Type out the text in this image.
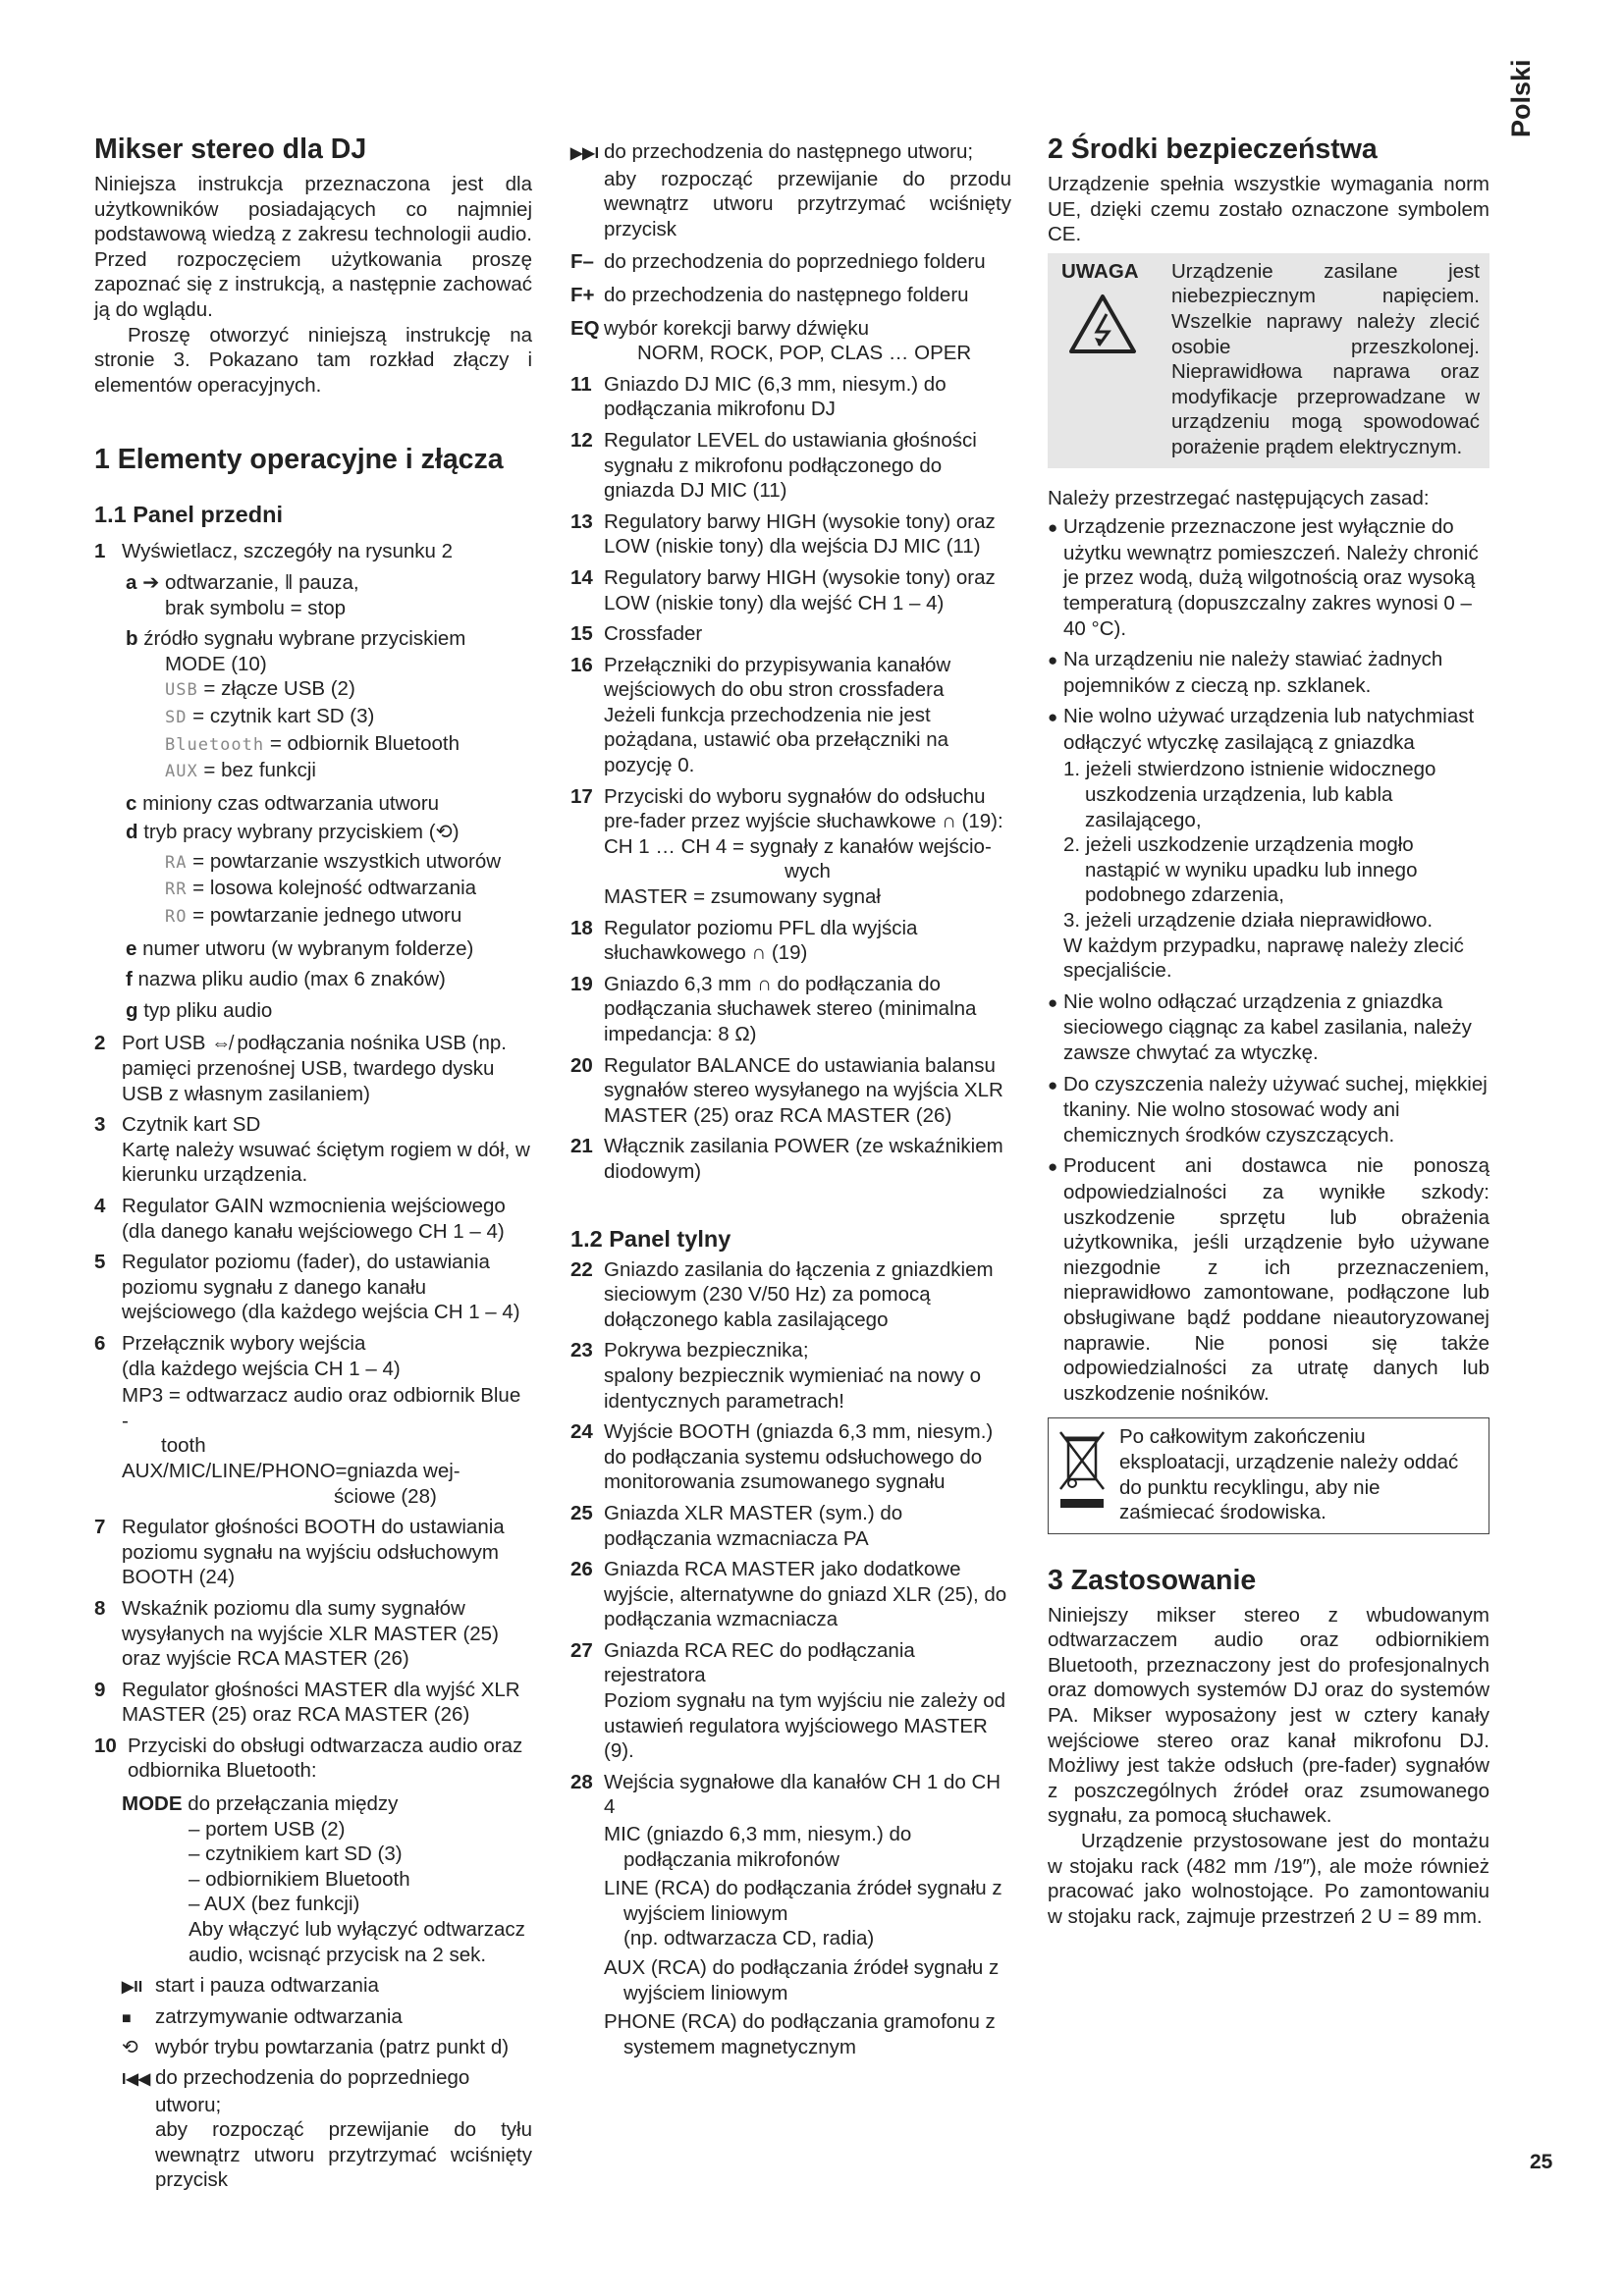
Polski
Mikser stereo dla DJ

Niniejsza instrukcja przeznaczona jest dla użytkowników posiadających co najmniej podstawową wiedzą z zakresu technologii audio. Przed rozpoczęciem użytkowania proszę zapoznać się z instrukcją, a następnie zachować ją do wglądu.

Proszę otworzyć niniejszą instrukcję na stronie 3. Pokazano tam rozkład złączy i elementów operacyjnych.

1 Elementy operacyjne i złącza
1.1 Panel przedni
1 Wyświetlacz, szczegóły na rysunku 2
a ➔ odtwarzanie, ‖ pauza,
brak symbolu = stop
b źródło sygnału wybrane przyciskiem
MODE (10)
USB = złącze USB (2)
SD = czytnik kart SD (3)
Bluetooth = odbiornik Bluetooth
AUX = bez funkcji
c miniony czas odtwarzania utworu
d tryb pracy wybrany przyciskiem (⟲)
RA = powtarzanie wszystkich utworów
RR = losowa kolejność odtwarzania
RO = powtarzanie jednego utworu
e numer utworu (w wybranym folderze)
f nazwa pliku audio (max 6 znaków)
g typ pliku audio
2 Port USB ⇎ podłączania nośnika USB (np. pamięci przenośnej USB, twardego dysku USB z własnym zasilaniem)
3 Czytnik kart SD
Kartę należy wsuwać ściętym rogiem w dół, w kierunku urządzenia.
4 Regulator GAIN wzmocnienia wejściowego (dla danego kanału wejściowego CH 1 – 4)
5 Regulator poziomu (fader), do ustawiania poziomu sygnału z danego kanału wejściowego (dla każdego wejścia CH 1 – 4)
6 Przełącznik wybory wejścia
(dla każdego wejścia CH 1 – 4)
MP3 = odtwarzacz audio oraz odbiornik Blue -
tooth
AUX/MIC/LINE/PHONO=gniazda wej-
ściowe (28)
7 Regulator głośności BOOTH do ustawiania poziomu sygnału na wyjściu odsłuchowym BOOTH (24)
8 Wskaźnik poziomu dla sumy sygnałów wysyłanych na wyjście XLR MASTER (25) oraz wyjście RCA MASTER (26)
9 Regulator głośności MASTER dla wyjść XLR MASTER (25) oraz RCA MASTER (26)
10 Przyciski do obsługi odtwarzacza audio oraz odbiornika Bluetooth:
MODE do przełączania między
– portem USB (2)
– czytnikiem kart SD (3)
– odbiornikiem Bluetooth
– AUX (bez funkcji)
Aby włączyć lub wyłączyć odtwarzacz audio, wcisnąć przycisk na 2 sek.
▶II start i pauza odtwarzania
■ zatrzymywanie odtwarzania
⟲ wybór trybu powtarzania (patrz punkt d)
I◀◀ do przechodzenia do poprzedniego utworu;

aby rozpocząć przewijanie do tyłu wewnątrz utworu przytrzymać wciśnięty przycisk

▶▶I do przechodzenia do następnego utworu;

aby rozpocząć przewijanie do przodu wewnątrz utworu przytrzymać wciśnięty przycisk

F– do przechodzenia do poprzedniego folderu
F+ do przechodzenia do następnego folderu
EQ wybór korekcji barwy dźwięku
NORM, ROCK, POP, CLAS … OPER
11 Gniazdo DJ MIC (6,3 mm, niesym.) do podłączania mikrofonu DJ
12 Regulator LEVEL do ustawiania głośności sygnału z mikrofonu podłączonego do gniazda DJ MIC (11)
13 Regulatory barwy HIGH (wysokie tony) oraz LOW (niskie tony) dla wejścia DJ MIC (11)
14 Regulatory barwy HIGH (wysokie tony) oraz LOW (niskie tony) dla wejść CH 1 – 4)
15 Crossfader
16 Przełączniki do przypisywania kanałów wejściowych do obu stron crossfadera
Jeżeli funkcja przechodzenia nie jest pożądana, ustawić oba przełączniki na pozycję 0.
17 Przyciski do wyboru sygnałów do odsłuchu pre-fader przez wyjście słuchawkowe ∩ (19):
CH 1 … CH 4 = sygnały z kanałów wejścio-
wych
MASTER = zsumowany sygnał
18 Regulator poziomu PFL dla wyjścia słuchawkowego ∩ (19)
19 Gniazdo 6,3 mm ∩ do podłączania do podłączania słuchawek stereo (minimalna impedancja: 8 Ω)
20 Regulator BALANCE do ustawiania balansu sygnałów stereo wysyłanego na wyjścia XLR MASTER (25) oraz RCA MASTER (26)
21 Włącznik zasilania POWER (ze wskaźnikiem diodowym)
1.2 Panel tylny
22 Gniazdo zasilania do łączenia z gniazdkiem sieciowym (230 V/50 Hz) za pomocą dołączonego kabla zasilającego
23 Pokrywa bezpiecznika;
spalony bezpiecznik wymieniać na nowy o identycznych parametrach!
24 Wyjście BOOTH (gniazda 6,3 mm, niesym.) do podłączania systemu odsłuchowego do monitorowania zsumowanego sygnału
25 Gniazda XLR MASTER (sym.) do podłączania wzmacniacza PA
26 Gniazda RCA MASTER jako dodatkowe wyjście, alternatywne do gniazd XLR (25), do podłączania wzmacniacza
27 Gniazda RCA REC do podłączania rejestratora
Poziom sygnału na tym wyjściu nie zależy od ustawień regulatora wyjściowego MASTER (9).
28 Wejścia sygnałowe dla kanałów CH 1 do CH 4
MIC (gniazdo 6,3 mm, niesym.) do podłączania mikrofonów
LINE (RCA) do podłączania źródeł sygnału z wyjściem liniowym
(np. odtwarzacza CD, radia)
AUX (RCA) do podłączania źródeł sygnału z wyjściem liniowym
PHONE (RCA) do podłączania gramofonu z systemem magnetycznym
2 Środki bezpieczeństwa

Urządzenie spełnia wszystkie wymagania norm UE, dzięki czemu zostało oznaczone symbolem CE.

UWAGA	Urządzenie zasilane jest niebezpiecznym napięciem. Wszelkie naprawy należy zlecić osobie przeszkolonej. Nieprawidłowa naprawa oraz modyfikacje przeprowadzane w urządzeniu mogą spowodować porażenie prądem elektrycznym.

Należy przestrzegać następujących zasad:

● Urządzenie przeznaczone jest wyłącznie do użytku wewnątrz pomieszczeń. Należy chronić je przez wodą, dużą wilgotnością oraz wysoką temperaturą (dopuszczalny zakres wynosi 0 – 40 °C).
● Na urządzeniu nie należy stawiać żadnych pojemników z cieczą np. szklanek.
● Nie wolno używać urządzenia lub natychmiast odłączyć wtyczkę zasilającą z gniazdka
1. jeżeli stwierdzono istnienie widocznego uszkodzenia urządzenia, lub kabla zasilającego,
2. jeżeli uszkodzenie urządzenia mogło nastąpić w wyniku upadku lub innego podobnego zdarzenia,
3. jeżeli urządzenie działa nieprawidłowo.
W każdym przypadku, naprawę należy zlecić specjaliście.
● Nie wolno odłączać urządzenia z gniazdka sieciowego ciągnąc za kabel zasilania, należy zawsze chwytać za wtyczkę.
● Do czyszczenia należy używać suchej, miękkiej tkaniny. Nie wolno stosować wody ani chemicznych środków czyszczących.
● Producent ani dostawca nie ponoszą odpowiedzialności za wynikłe szkody: uszkodzenie sprzętu lub obrażenia użytkownika, jeśli urządzenie było używane niezgodnie z ich przeznaczeniem, nieprawidłowo zamontowane, podłączone lub obsługiwane bądź poddane nieautoryzowanej naprawie. Nie ponosi się także odpowiedzialności za utratę danych lub uszkodzenie nośników.
Po całkowitym zakończeniu eksploatacji, urządzenie należy oddać do punktu recyklingu, aby nie zaśmiecać środowiska.
3 Zastosowanie

Niniejszy mikser stereo z wbudowanym odtwarzaczem audio oraz odbiornikiem Bluetooth, przeznaczony jest do profesjonalnych oraz domowych systemów DJ oraz do systemów PA. Mikser wyposażony jest w cztery kanały wejściowe stereo oraz kanał mikrofonu DJ. Możliwy jest także odsłuch (pre-fader) sygnałów z poszczególnych źródeł oraz zsumowanego sygnału, za pomocą słuchawek.

Urządzenie przystosowane jest do montażu w stojaku rack (482 mm /19″), ale może również pracować jako wolnostojące. Po zamontowaniu w stojaku rack, zajmuje przestrzeń 2 U = 89 mm.

25
